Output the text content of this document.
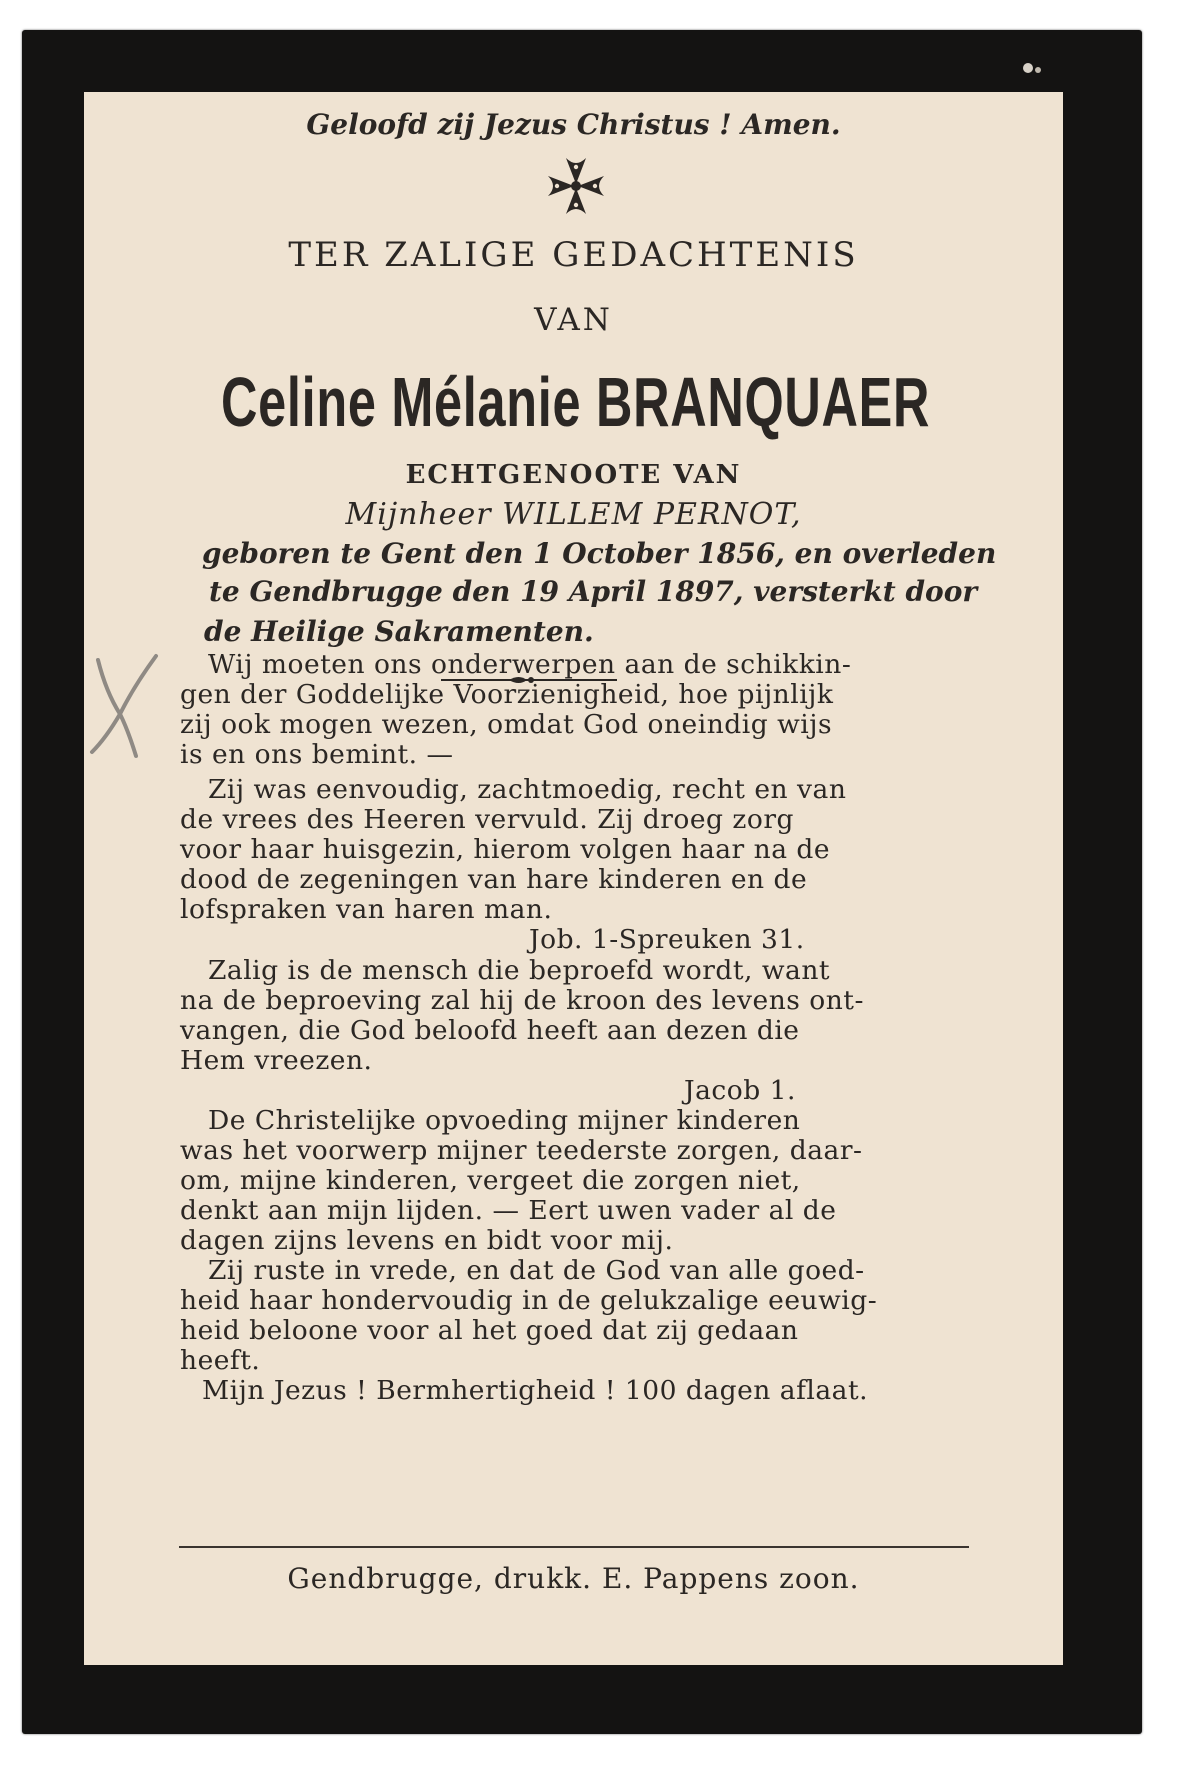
Geloofd zij Jezus Christus ! Amen.
TER ZALIGE GEDACHTENIS
VAN
Celine Mélanie BRANQUAER
ECHTGENOOTE VAN
Mijnheer WILLEM PERNOT,
geboren te Gent den 1 October 1856, en overleden
te Gendbrugge den 19 April 1897, versterkt door
de Heilige Sakramenten.
Wij moeten ons onderwerpen aan de schikkin-
gen der Goddelijke Voorzienigheid, hoe pijnlijk
zij ook mogen wezen, omdat God oneindig wijs
is en ons bemint. —
Zij was eenvoudig, zachtmoedig, recht en van
de vrees des Heeren vervuld. Zij droeg zorg
voor haar huisgezin, hierom volgen haar na de
dood de zegeningen van hare kinderen en de
lofspraken van haren man.
Job. 1-Spreuken 31.
Zalig is de mensch die beproefd wordt, want
na de beproeving zal hij de kroon des levens ont-
vangen, die God beloofd heeft aan dezen die
Hem vreezen.
Jacob 1.
De Christelijke opvoeding mijner kinderen
was het voorwerp mijner teederste zorgen, daar-
om, mijne kinderen, vergeet die zorgen niet,
denkt aan mijn lijden. — Eert uwen vader al de
dagen zijns levens en bidt voor mij.
Zij ruste in vrede, en dat de God van alle goed-
heid haar hondervoudig in de gelukzalige eeuwig-
heid beloone voor al het goed dat zij gedaan
heeft.
Mijn Jezus ! Bermhertigheid ! 100 dagen aflaat.
Gendbrugge, drukk. E. Pappens zoon.
